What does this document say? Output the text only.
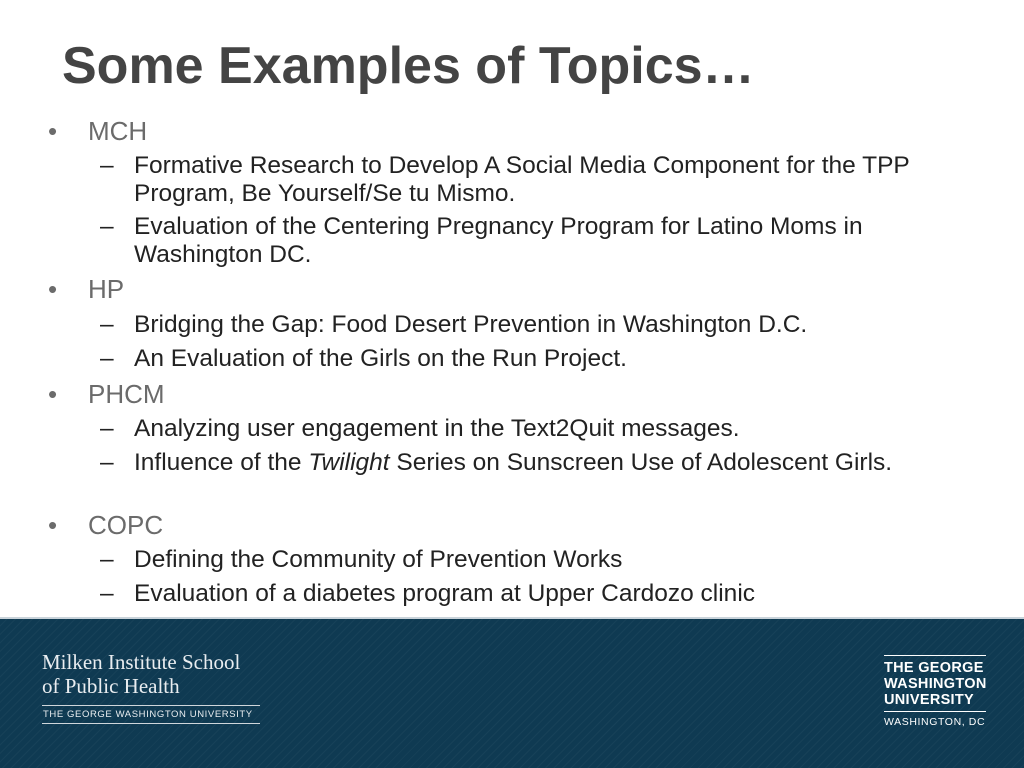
Some Examples of Topics…
• MCH
– Formative Research to Develop A Social Media Component for the TPP Program, Be Yourself/Se tu Mismo.
– Evaluation of the Centering Pregnancy Program for Latino Moms in Washington DC.
• HP
– Bridging the Gap: Food Desert Prevention in Washington D.C.
– An Evaluation of the Girls on the Run Project.
• PHCM
– Analyzing user engagement in the Text2Quit messages.
– Influence of the Twilight Series on Sunscreen Use of Adolescent Girls.
• COPC
– Defining the Community of Prevention Works
– Evaluation of a diabetes program at Upper Cardozo clinic
Milken Institute School
of Public Health
THE GEORGE WASHINGTON UNIVERSITY
THE GEORGE
WASHINGTON
UNIVERSITY
WASHINGTON, DC
